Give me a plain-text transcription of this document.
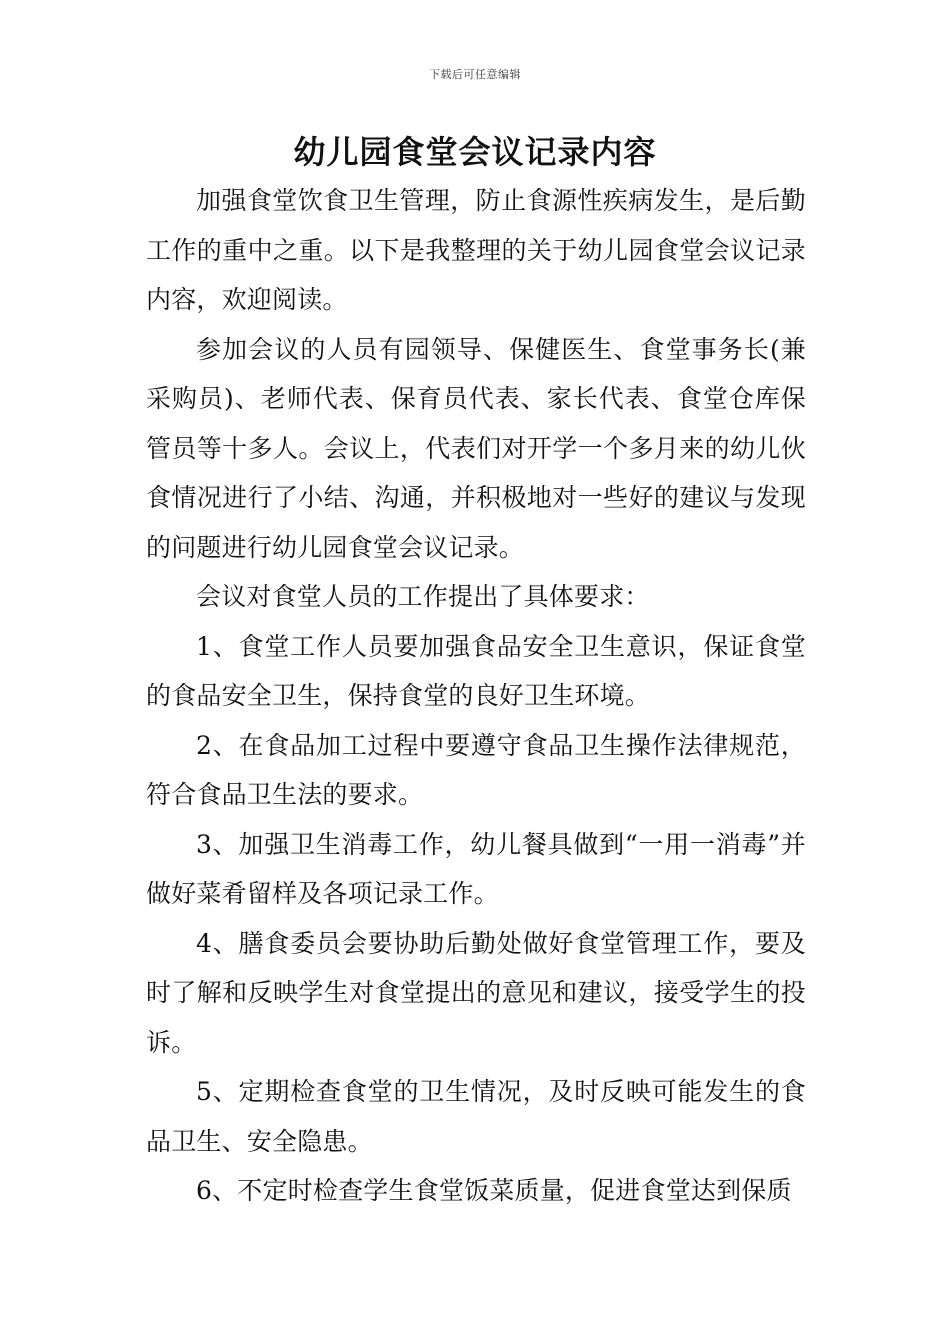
下载后可任意编辑
幼儿园食堂会议记录内容

加强食堂饮食卫生管理，防止食源性疾病发生，是后勤工作的重中之重。以下是我整理的关于幼儿园食堂会议记录内容，欢迎阅读。

参加会议的人员有园领导、保健医生、食堂事务长(兼采购员)、老师代表、保育员代表、家长代表、食堂仓库保管员等十多人。会议上，代表们对开学一个多月来的幼儿伙食情况进行了小结、沟通，并积极地对一些好的建议与发现的问题进行幼儿园食堂会议记录。

会议对食堂人员的工作提出了具体要求：

1、食堂工作人员要加强食品安全卫生意识，保证食堂的食品安全卫生，保持食堂的良好卫生环境。

2、在食品加工过程中要遵守食品卫生操作法律规范，符合食品卫生法的要求。

3、加强卫生消毒工作，幼儿餐具做到“一用一消毒”并做好菜肴留样及各项记录工作。

4、膳食委员会要协助后勤处做好食堂管理工作，要及时了解和反映学生对食堂提出的意见和建议，接受学生的投诉。

5、定期检查食堂的卫生情况，及时反映可能发生的食品卫生、安全隐患。

6、不定时检查学生食堂饭菜质量，促进食堂达到保质
